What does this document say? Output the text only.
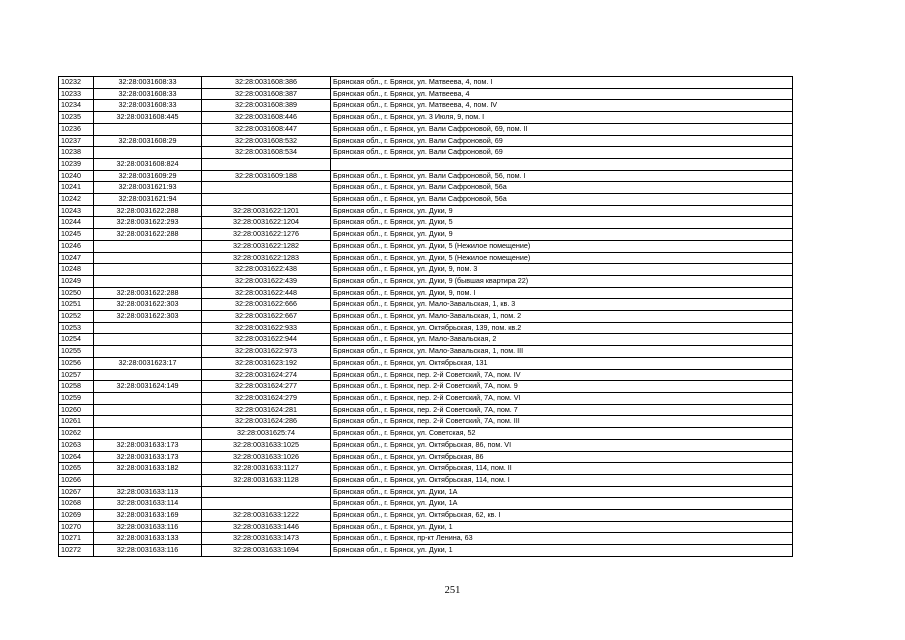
10232	32:28:0031608:33	32:28:0031608:386	Брянская обл., г. Брянск, ул. Матвеева, 4, пом. I
10233	32:28:0031608:33	32:28:0031608:387	Брянская обл., г. Брянск, ул. Матвеева, 4
10234	32:28:0031608:33	32:28:0031608:389	Брянская обл., г. Брянск, ул. Матвеева, 4, пом. IV
10235	32:28:0031608:445	32:28:0031608:446	Брянская обл., г. Брянск, ул. 3 Июля, 9, пом. I
10236		32:28:0031608:447	Брянская обл., г. Брянск, ул. Вали Сафроновой, 69, пом. II
10237	32:28:0031608:29	32:28:0031608:532	Брянская обл., г. Брянск, ул. Вали Сафроновой, 69
10238		32:28:0031608:534	Брянская обл., г. Брянск, ул. Вали Сафроновой, 69
10239	32:28:0031608:824		
10240	32:28:0031609:29	32:28:0031609:188	Брянская обл., г. Брянск, ул. Вали Сафроновой, 56, пом. I
10241	32:28:0031621:93		Брянская обл., г. Брянск, ул. Вали Сафроновой, 56а
10242	32:28:0031621:94		Брянская обл., г. Брянск, ул. Вали Сафроновой, 56а
10243	32:28:0031622:288	32:28:0031622:1201	Брянская обл., г. Брянск, ул. Дуки, 9
10244	32:28:0031622:293	32:28:0031622:1204	Брянская обл., г. Брянск, ул. Дуки, 5
10245	32:28:0031622:288	32:28:0031622:1276	Брянская обл., г. Брянск, ул. Дуки, 9
10246		32:28:0031622:1282	Брянская обл., г. Брянск, ул. Дуки, 5 (Нежилое помещение)
10247		32:28:0031622:1283	Брянская обл., г. Брянск, ул. Дуки, 5 (Нежилое помещение)
10248		32:28:0031622:438	Брянская обл., г. Брянск, ул. Дуки, 9, пом. 3
10249		32:28:0031622:439	Брянская обл., г. Брянск, ул. Дуки, 9 (бывшая квартира 22)
10250	32:28:0031622:288	32:28:0031622:448	Брянская обл., г. Брянск, ул. Дуки, 9, пом. I
10251	32:28:0031622:303	32:28:0031622:666	Брянская обл., г. Брянск, ул. Мало-Завальская, 1, кв. 3
10252	32:28:0031622:303	32:28:0031622:667	Брянская обл., г. Брянск, ул. Мало-Завальская, 1, пом. 2
10253		32:28:0031622:933	Брянская обл., г. Брянск, ул. Октябрьская, 139, пом. кв.2
10254		32:28:0031622:944	Брянская обл., г. Брянск, ул. Мало-Завальская, 2
10255		32:28:0031622:973	Брянская обл., г. Брянск, ул. Мало-Завальская, 1, пом. III
10256	32:28:0031623:17	32:28:0031623:192	Брянская обл., г. Брянск, ул. Октябрьская, 131
10257		32:28:0031624:274	Брянская обл., г. Брянск, пер. 2-й Советский, 7А, пом. IV
10258	32:28:0031624:149	32:28:0031624:277	Брянская обл., г. Брянск, пер. 2-й Советский, 7А, пом. 9
10259		32:28:0031624:279	Брянская обл., г. Брянск, пер. 2-й Советский, 7А, пом. VI
10260		32:28:0031624:281	Брянская обл., г. Брянск, пер. 2-й Советский, 7А, пом. 7
10261		32:28:0031624:286	Брянская обл., г. Брянск, пер. 2-й Советский, 7А, пом. III
10262		32:28:0031625:74	Брянская обл., г. Брянск, ул. Советская, 52
10263	32:28:0031633:173	32:28:0031633:1025	Брянская обл., г. Брянск, ул. Октябрьская, 86, пом. VI
10264	32:28:0031633:173	32:28:0031633:1026	Брянская обл., г. Брянск, ул. Октябрьская, 86
10265	32:28:0031633:182	32:28:0031633:1127	Брянская обл., г. Брянск, ул. Октябрьская, 114, пом. II
10266		32:28:0031633:1128	Брянская обл., г. Брянск, ул. Октябрьская, 114, пом. I
10267	32:28:0031633:113		Брянская обл., г. Брянск, ул. Дуки, 1А
10268	32:28:0031633:114		Брянская обл., г. Брянск, ул. Дуки, 1А
10269	32:28:0031633:169	32:28:0031633:1222	Брянская обл., г. Брянск, ул. Октябрьская, 62, кв. I
10270	32:28:0031633:116	32:28:0031633:1446	Брянская обл., г. Брянск, ул. Дуки, 1
10271	32:28:0031633:133	32:28:0031633:1473	Брянская обл., г. Брянск, пр-кт Ленина, 63
10272	32:28:0031633:116	32:28:0031633:1694	Брянская обл., г. Брянск, ул. Дуки, 1
251
